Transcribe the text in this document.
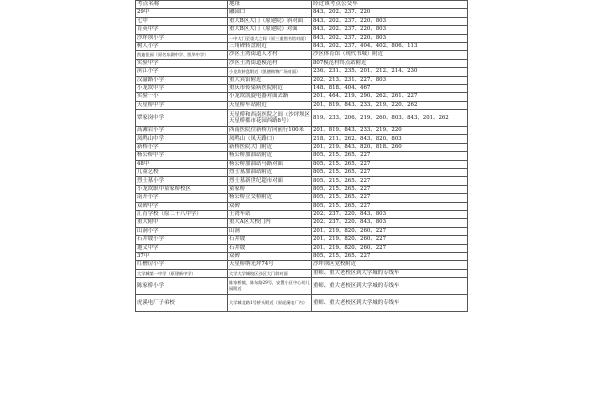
考点名称	地址	经过该考点公交车
29中	融园口	843、202、237、220
七中	重大B区大门（原建院）斜对面	843、202、237、220、803
育英中学	重大B区大门（原建院）对面	843、202、237、220、803
沙坪坝小学	一中大门至重大之间（原三重图书馆对面）	843、202、237、220、803
树人小学	三角碑转盘附近	843、202、237、404、402、806、113
凯迪佳园（原名东湖中学、凯华中学）	沙区土湾街道人才村	沙区体育馆（现代书城）附近
实验中学	沙区土湾街道模范村	807模范村终点站附近
滨江小学	小龙坎转盘附近（凯德购物广场对面）	236、231、235、201、212、214、230
汉渝路小学	重大宾馆附近	202、213、231、227、803
小龙坎中学	重庆市传染病医院附近	148、818、404、467
实验一小	小龙坎凯旋电器对面去路	201、464、219、290、262、261、227
天星桥中学	天星桥车站附近	201、819、843、233、219、220、262
覃家岗中学	天星桥和西南医院之间（沙坪坝区天星桥都市花园西路8号）	819、233、206、219、260、803、843、201、262
高滩岩小学	西南医院往新桥方向前行100米	201、819、843、233、219、220
凤鸣山中学	凤鸣山（凤天路口）	218、211、262、843、820、803
新桥小学	新桥医院大门附近	201、219、843、820、818、260
杨公桥中学	杨公桥加油站附近	805、215、265、227
48中	杨公桥加油站马路对面	805、215、265、227
儿童艺校	烈士墓加油站附近	805、215、265、227
烈士墓小学	烈士墓新世纪超市对面	805、215、265、227
小龙坎职中童家桥校区	童家桥	805、215、265、227
南开小学	杨公桥立交桥附近	805、215、265、227
双碑中学	双碑	805、215、265、227
汇育学校（原二十八中学）	土湾车站	202、237、220、843、803
重大附中	重大A区大校门内	202、237、220、843、803
山洞小学	山洞	201、219、820、260、227
石井坡小学	石井坡	201、219、820、260、227
遵义中学	石井坡	201、219、820、260、227
37中	双碑	805、215、265、227
红槽房小学	天星桥纳光坪74号	沙坪坝区党校附近
大学城第一中学（原建新中学）	大学大学城校区沙区大门斜对面	重师、重大老校区到大学城的专线车
陈家桥小学	陈家桥镇，陈东路29号，安置小区中心幼儿园附近	重师、重大老校区到大学城的专线车
虎溪电厂子弟校	大学城北路1号桥头附近（原虎溪电厂内）	重师、重大老校区到大学城的专线车
